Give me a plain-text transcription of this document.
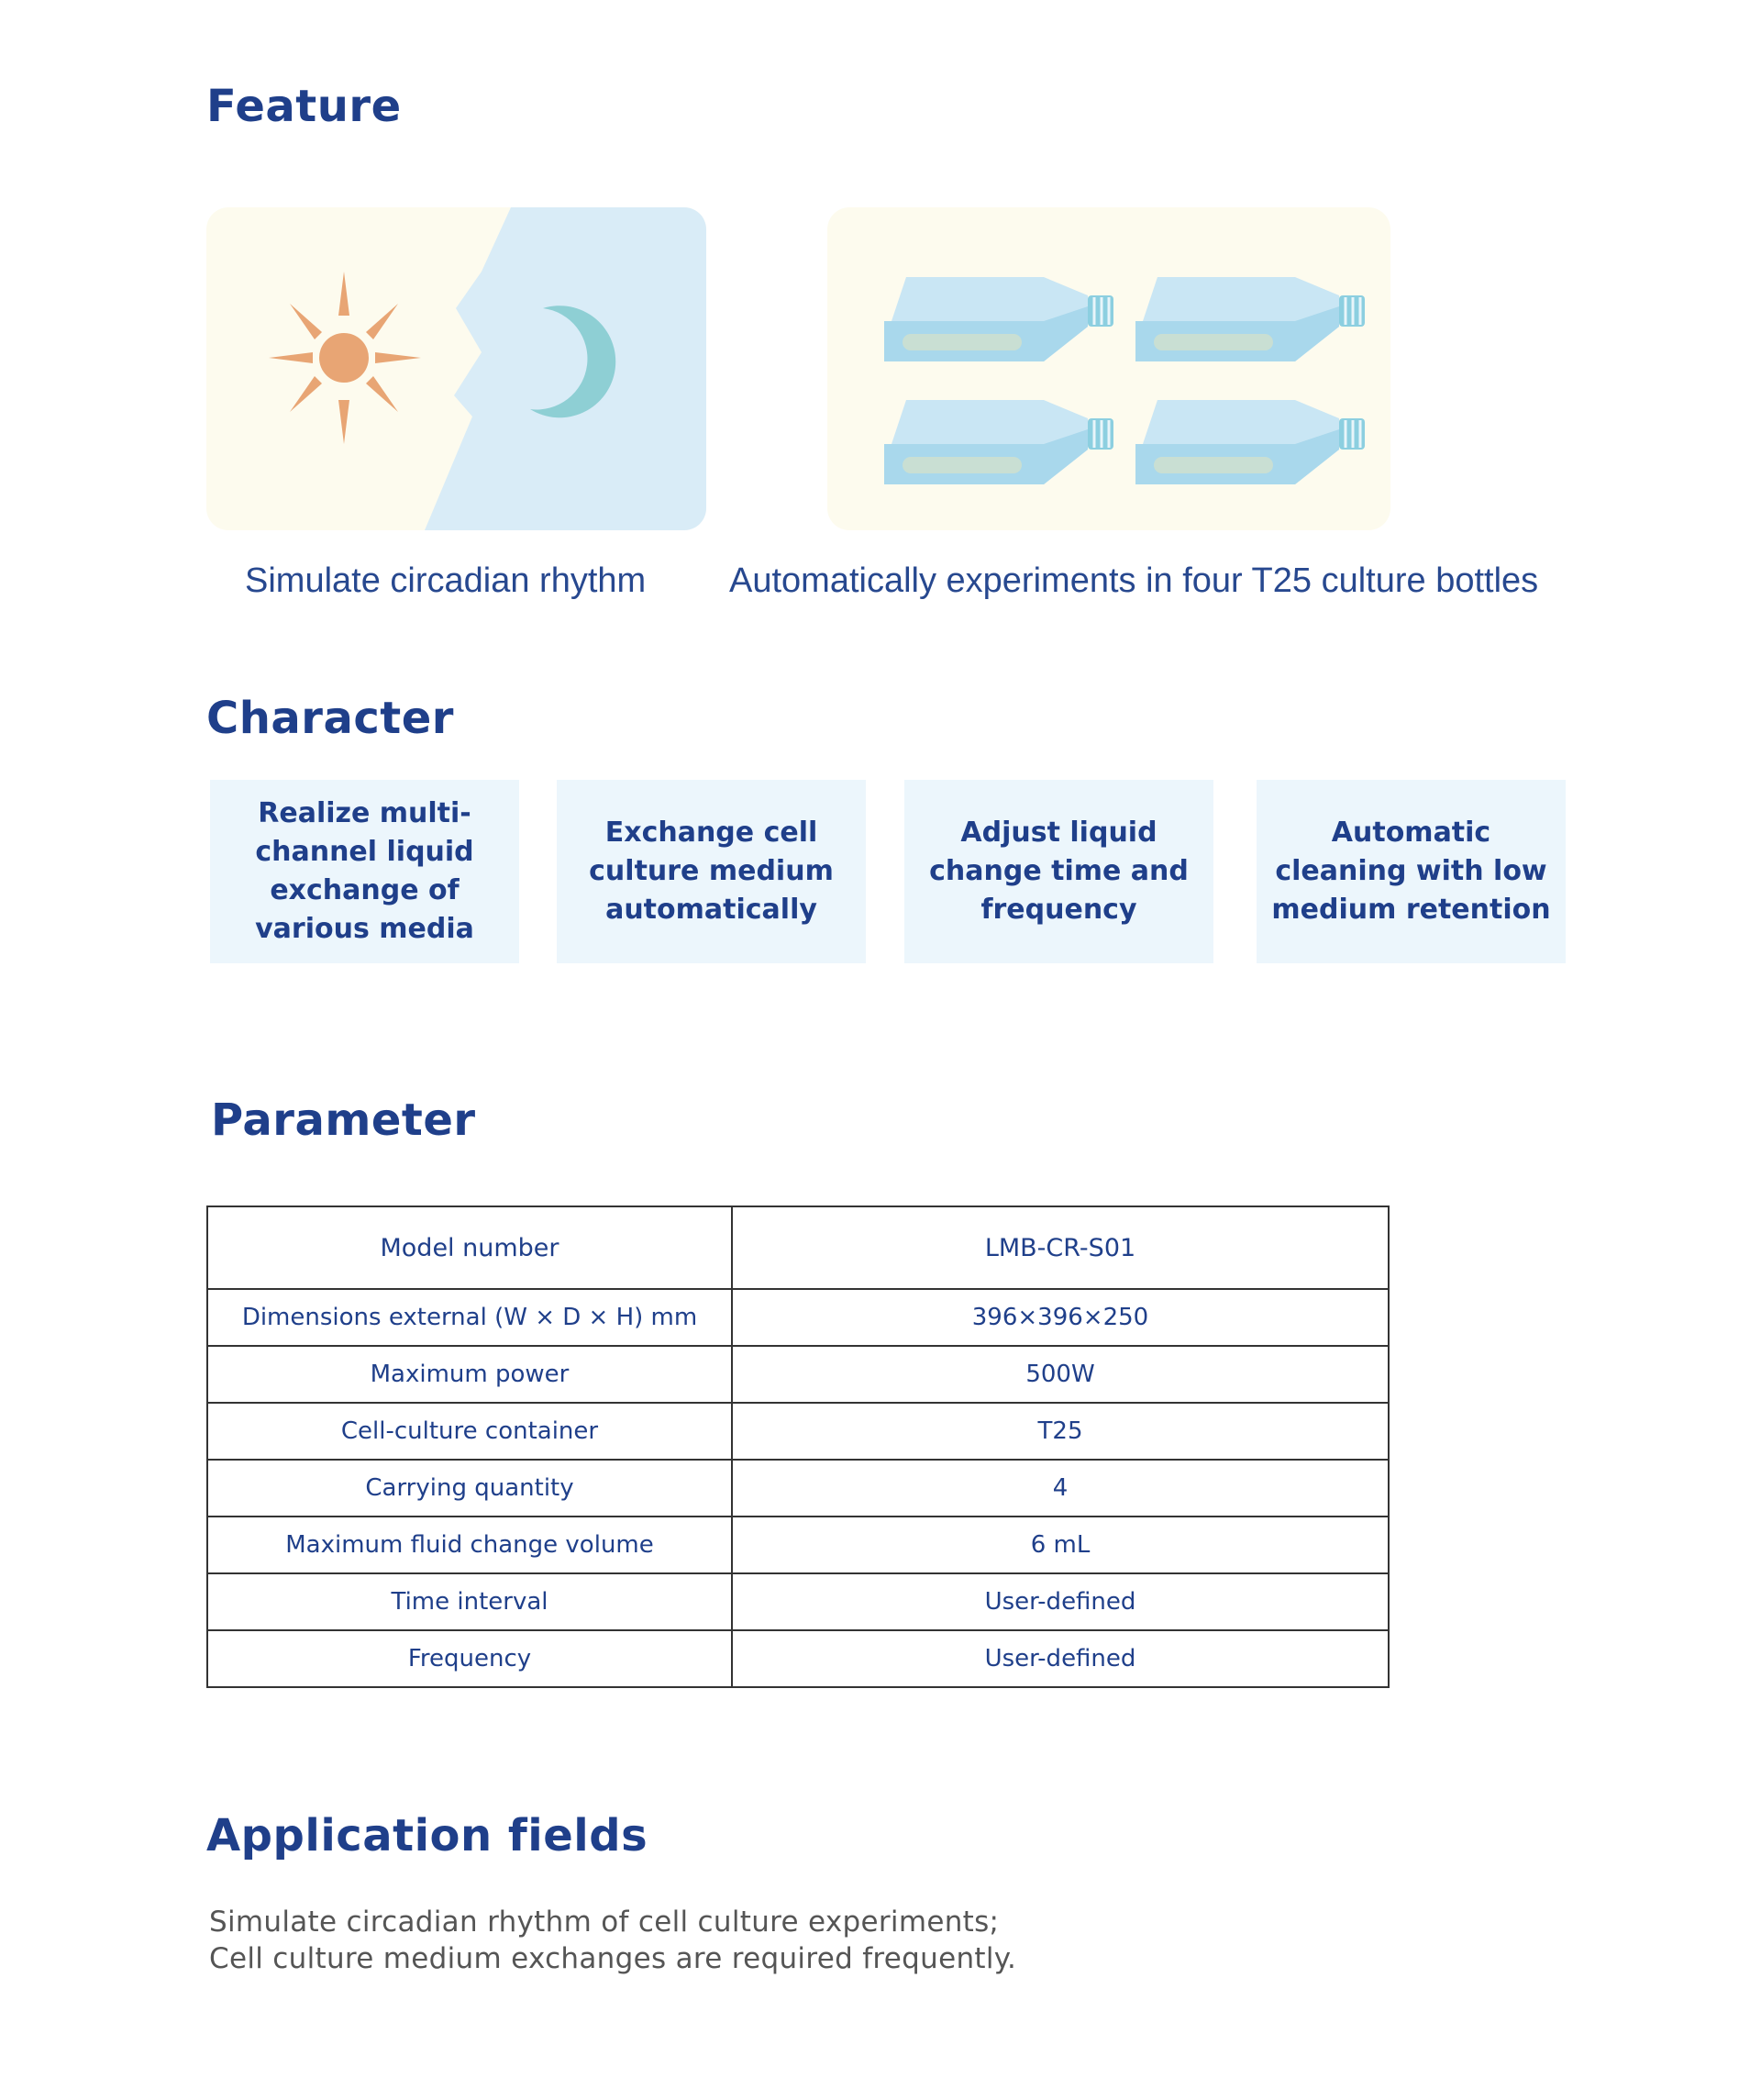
Feature
Simulate circadian rhythm Automatically experiments in four T25 culture bottles
Character
Realize multi-channel liquid exchange of various media
Exchange cell culture medium automatically
Adjust liquid change time and frequency
Automatic cleaning with low medium retention
Parameter
Model number	LMB-CR-S01
Dimensions external (W × D × H) mm	396×396×250
Maximum power	500W
Cell-culture container	T25
Carrying quantity	4
Maximum fluid change volume	6 mL
Time interval	User-defined
Frequency	User-defined
Application fields
Simulate circadian rhythm of cell culture experiments;
Cell culture medium exchanges are required frequently.
